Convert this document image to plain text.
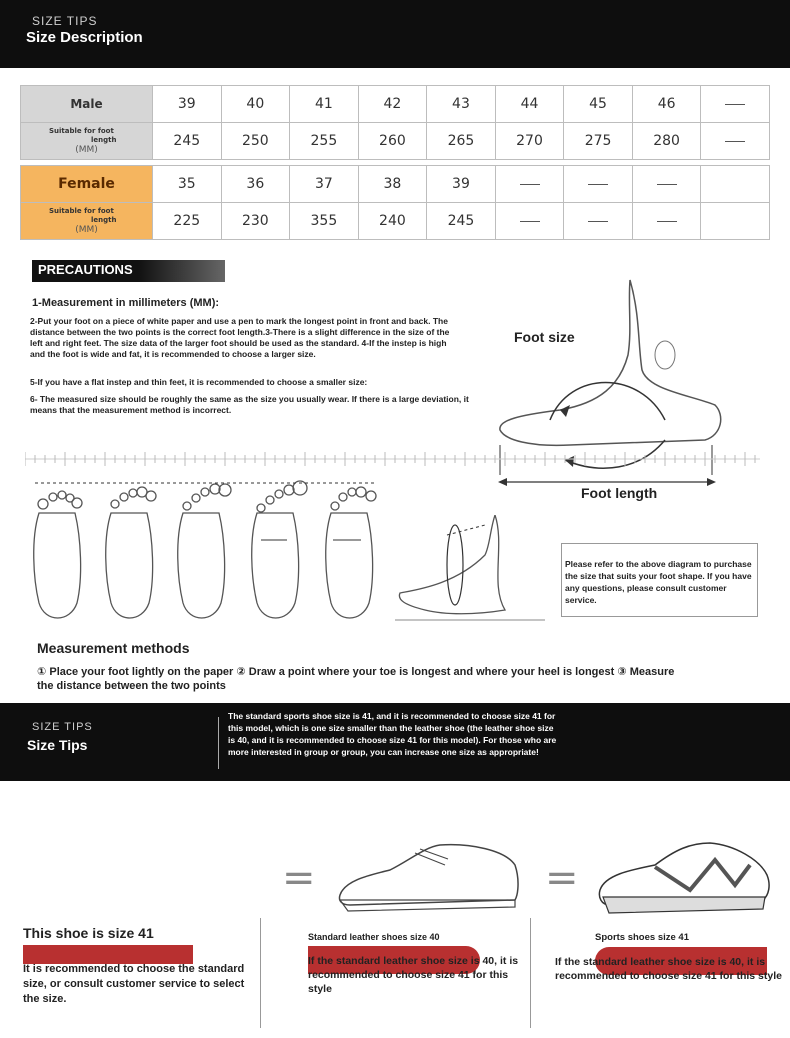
SIZE TIPS
Size Description
Male	39	40	41	42	43	44	45	46	

Suitable for foot
length
(MM)	245	250	255	260	265	270	275	280	

Female	35	36	37	38	39				

Suitable for foot
length
(MM)	225	230	355	240	245				
PRECAUTIONS
1-Measurement in millimeters (MM):
2-Put your foot on a piece of white paper and use a pen to mark the longest point in front and back. The distance between the two points is the correct foot length.3-There is a slight difference in the size of the left and right feet. The size data of the larger foot should be used as the standard. 4-If the instep is high and the foot is wide and fat, it is recommended to choose a larger size.
5-If you have a flat instep and thin feet, it is recommended to choose a smaller size:
6- The measured size should be roughly the same as the size you usually wear. If there is a large deviation, it means that the measurement method is incorrect.
Foot size
Foot length
Please refer to the above diagram to purchase the size that suits your foot shape. If you have any questions, please consult customer service.
Measurement methods
① Place your foot lightly on the paper ② Draw a point where your toe is longest and where your heel is longest ③ Measure the distance between the two points
SIZE TIPS
Size Tips
The standard sports shoe size is 41, and it is recommended to choose size 41 for this model, which is one size smaller than the leather shoe (the leather shoe size is 40, and it is recommended to choose size 41 for this model). For those who are more interested in group or group, you can increase one size as appropriate!
=	=
This shoe is size 41
It is recommended to choose the standard size, or consult customer service to select the size.
Standard leather shoes size 40
If the standard leather shoe size is 40, it is recommended to choose size 41 for this style
Sports shoes size 41
If the standard leather shoe size is 40, it is recommended to choose size 41 for this style
